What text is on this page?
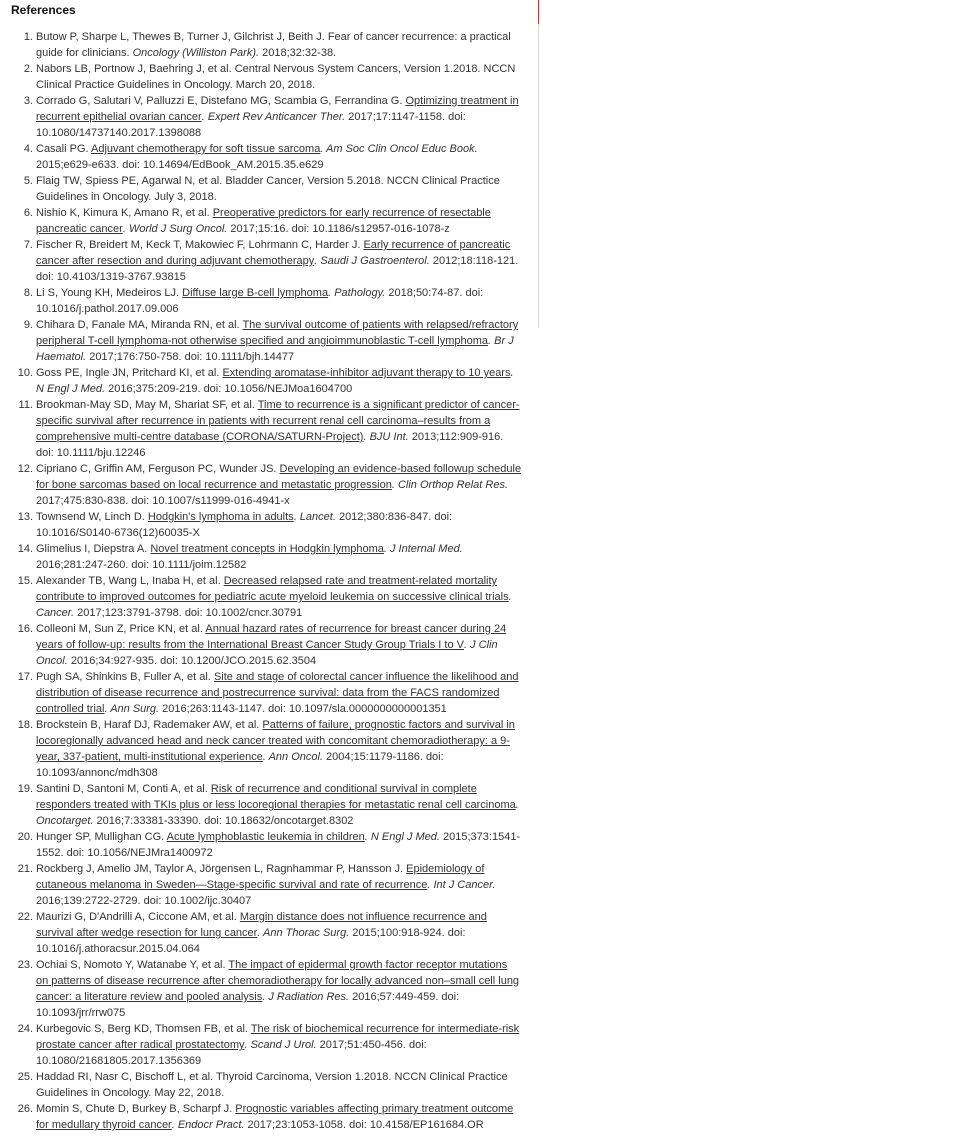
References
1. Butow P, Sharpe L, Thewes B, Turner J, Gilchrist J, Beith J. Fear of cancer recurrence: a practical guide for clinicians. Oncology (Williston Park). 2018;32:32-38.
2. Nabors LB, Portnow J, Baehring J, et al. Central Nervous System Cancers, Version 1.2018. NCCN Clinical Practice Guidelines in Oncology. March 20, 2018.
3. Corrado G, Salutari V, Palluzzi E, Distefano MG, Scambia G, Ferrandina G. Optimizing treatment in recurrent epithelial ovarian cancer. Expert Rev Anticancer Ther. 2017;17:1147-1158. doi: 10.1080/14737140.2017.1398088
4. Casali PG. Adjuvant chemotherapy for soft tissue sarcoma. Am Soc Clin Oncol Educ Book. 2015;e629-e633. doi: 10.14694/EdBook_AM.2015.35.e629
5. Flaig TW, Spiess PE, Agarwal N, et al. Bladder Cancer, Version 5.2018. NCCN Clinical Practice Guidelines in Oncology. July 3, 2018.
6. Nishio K, Kimura K, Amano R, et al. Preoperative predictors for early recurrence of resectable pancreatic cancer. World J Surg Oncol. 2017;15:16. doi: 10.1186/s12957-016-1078-z
7. Fischer R, Breidert M, Keck T, Makowiec F, Lohrmann C, Harder J. Early recurrence of pancreatic cancer after resection and during adjuvant chemotherapy. Saudi J Gastroenterol. 2012;18:118-121. doi: 10.4103/1319-3767.93815
8. Li S, Young KH, Medeiros LJ. Diffuse large B-cell lymphoma. Pathology. 2018;50:74-87. doi: 10.1016/j.pathol.2017.09.006
9. Chihara D, Fanale MA, Miranda RN, et al. The survival outcome of patients with relapsed/refractory peripheral T-cell lymphoma-not otherwise specified and angioimmunoblastic T-cell lymphoma. Br J Haematol. 2017;176:750-758. doi: 10.1111/bjh.14477
10. Goss PE, Ingle JN, Pritchard KI, et al. Extending aromatase-inhibitor adjuvant therapy to 10 years. N Engl J Med. 2016;375:209-219. doi: 10.1056/NEJMoa1604700
11. Brookman-May SD, May M, Shariat SF, et al. Time to recurrence is a significant predictor of cancer-specific survival after recurrence in patients with recurrent renal cell carcinoma–results from a comprehensive multi-centre database (CORONA/SATURN-Project). BJU Int. 2013;112:909-916. doi: 10.1111/bju.12246
12. Cipriano C, Griffin AM, Ferguson PC, Wunder JS. Developing an evidence-based followup schedule for bone sarcomas based on local recurrence and metastatic progression. Clin Orthop Relat Res. 2017;475:830-838. doi: 10.1007/s11999-016-4941-x
13. Townsend W, Linch D. Hodgkin's lymphoma in adults. Lancet. 2012;380:836-847. doi: 10.1016/S0140-6736(12)60035-X
14. Glimelius I, Diepstra A. Novel treatment concepts in Hodgkin lymphoma. J Internal Med. 2016;281:247-260. doi: 10.1111/joim.12582
15. Alexander TB, Wang L, Inaba H, et al. Decreased relapsed rate and treatment-related mortality contribute to improved outcomes for pediatric acute myeloid leukemia on successive clinical trials. Cancer. 2017;123:3791-3798. doi: 10.1002/cncr.30791
16. Colleoni M, Sun Z, Price KN, et al. Annual hazard rates of recurrence for breast cancer during 24 years of follow-up: results from the International Breast Cancer Study Group Trials I to V. J Clin Oncol. 2016;34:927-935. doi: 10.1200/JCO.2015.62.3504
17. Pugh SA, Shinkins B, Fuller A, et al. Site and stage of colorectal cancer influence the likelihood and distribution of disease recurrence and postrecurrence survival: data from the FACS randomized controlled trial. Ann Surg. 2016;263:1143-1147. doi: 10.1097/sla.0000000000001351
18. Brockstein B, Haraf DJ, Rademaker AW, et al. Patterns of failure, prognostic factors and survival in locoregionally advanced head and neck cancer treated with concomitant chemoradiotherapy: a 9-year, 337-patient, multi-institutional experience. Ann Oncol. 2004;15:1179-1186. doi: 10.1093/annonc/mdh308
19. Santini D, Santoni M, Conti A, et al. Risk of recurrence and conditional survival in complete responders treated with TKIs plus or less locoregional therapies for metastatic renal cell carcinoma. Oncotarget. 2016;7:33381-33390. doi: 10.18632/oncotarget.8302
20. Hunger SP, Mullighan CG. Acute lymphoblastic leukemia in children. N Engl J Med. 2015;373:1541-1552. doi: 10.1056/NEJMra1400972
21. Rockberg J, Amelio JM, Taylor A, Jörgensen L, Ragnhammar P, Hansson J. Epidemiology of cutaneous melanoma in Sweden—Stage-specific survival and rate of recurrence. Int J Cancer. 2016;139:2722-2729. doi: 10.1002/ijc.30407
22. Maurizi G, D'Andrilli A, Ciccone AM, et al. Margin distance does not influence recurrence and survival after wedge resection for lung cancer. Ann Thorac Surg. 2015;100:918-924. doi: 10.1016/j.athoracsur.2015.04.064
23. Ochiai S, Nomoto Y, Watanabe Y, et al. The impact of epidermal growth factor receptor mutations on patterns of disease recurrence after chemoradiotherapy for locally advanced non–small cell lung cancer: a literature review and pooled analysis. J Radiation Res. 2016;57:449-459. doi: 10.1093/jrr/rrw075
24. Kurbegovic S, Berg KD, Thomsen FB, et al. The risk of biochemical recurrence for intermediate-risk prostate cancer after radical prostatectomy. Scand J Urol. 2017;51:450-456. doi: 10.1080/21681805.2017.1356369
25. Haddad RI, Nasr C, Bischoff L, et al. Thyroid Carcinoma, Version 1.2018. NCCN Clinical Practice Guidelines in Oncology. May 22, 2018.
26. Momin S, Chute D, Burkey B, Scharpf J. Prognostic variables affecting primary treatment outcome for medullary thyroid cancer. Endocr Pract. 2017;23:1053-1058. doi: 10.4158/EP161684.OR
